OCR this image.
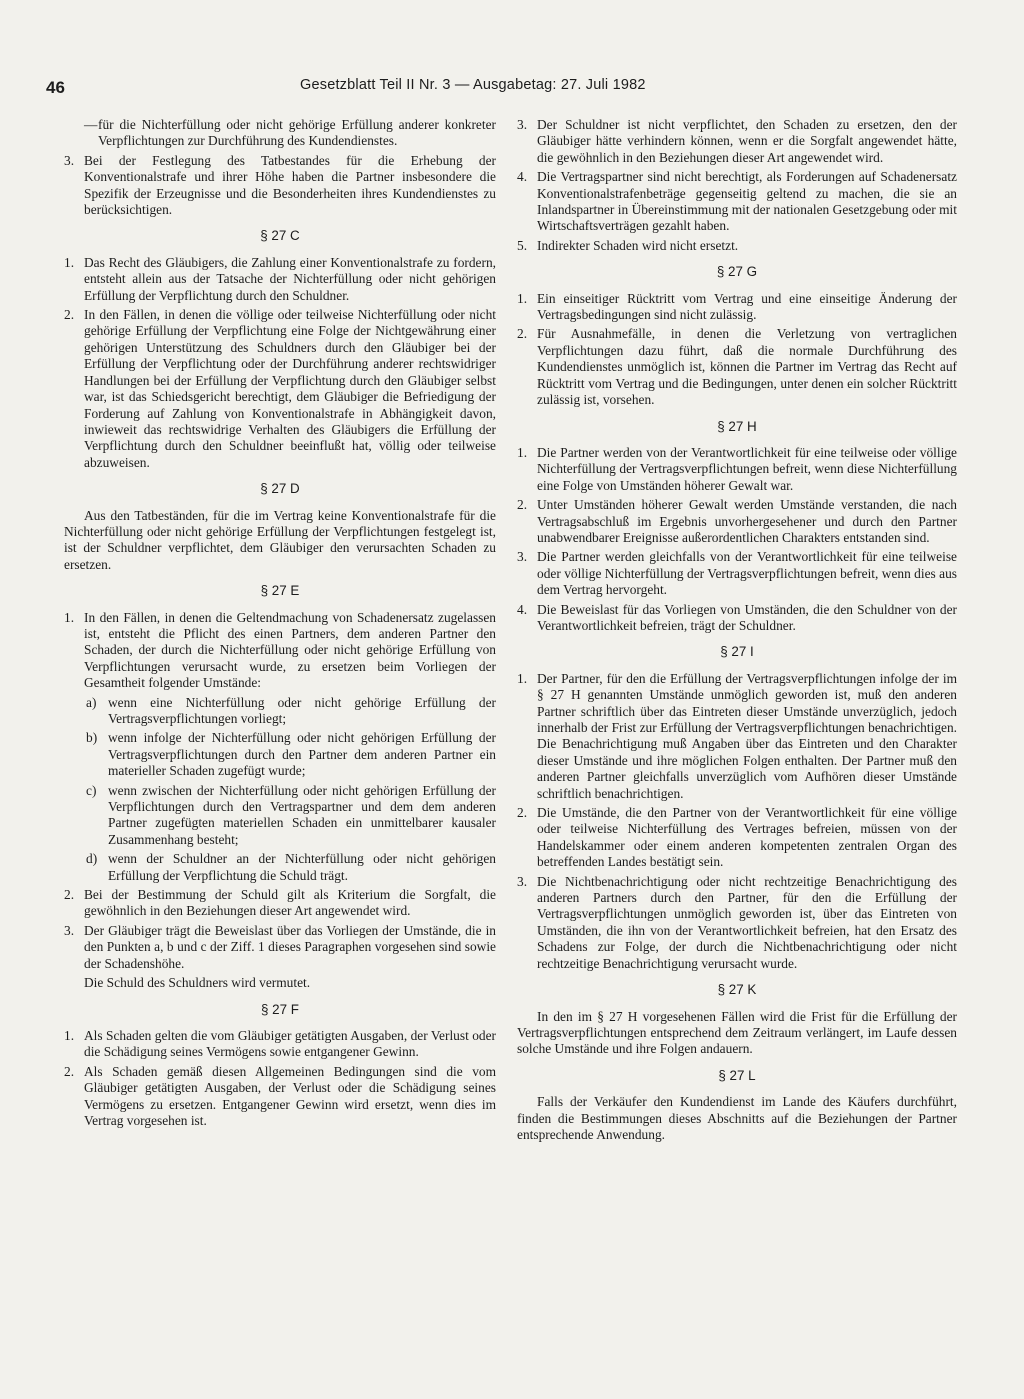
46	Gesetzblatt Teil II Nr. 3 — Ausgabetag: 27. Juli 1982
— für die Nichterfüllung oder nicht gehörige Erfüllung anderer konkreter Verpflichtungen zur Durchführung des Kundendienstes.
3. Bei der Festlegung des Tatbestandes für die Erhebung der Konventionalstrafe und ihrer Höhe haben die Partner insbesondere die Spezifik der Erzeugnisse und die Besonderheiten ihres Kundendienstes zu berücksichtigen.
§ 27 C
1. Das Recht des Gläubigers, die Zahlung einer Konventionalstrafe zu fordern, entsteht allein aus der Tatsache der Nichterfüllung oder nicht gehörigen Erfüllung der Verpflichtung durch den Schuldner.
2. In den Fällen, in denen die völlige oder teilweise Nichterfüllung oder nicht gehörige Erfüllung der Verpflichtung eine Folge der Nichtgewährung einer gehörigen Unterstützung des Schuldners durch den Gläubiger bei der Erfüllung der Verpflichtung oder der Durchführung anderer rechtswidriger Handlungen bei der Erfüllung der Verpflichtung durch den Gläubiger selbst war, ist das Schiedsgericht berechtigt, dem Gläubiger die Befriedigung der Forderung auf Zahlung von Konventionalstrafe in Abhängigkeit davon, inwieweit das rechtswidrige Verhalten des Gläubigers die Erfüllung der Verpflichtung durch den Schuldner beeinflußt hat, völlig oder teilweise abzuweisen.
§ 27 D

Aus den Tatbeständen, für die im Vertrag keine Konventionalstrafe für die Nichterfüllung oder nicht gehörige Erfüllung der Verpflichtungen festgelegt ist, ist der Schuldner verpflichtet, dem Gläubiger den verursachten Schaden zu ersetzen.

§ 27 E
1. In den Fällen, in denen die Geltendmachung von Schadenersatz zugelassen ist, entsteht die Pflicht des einen Partners, dem anderen Partner den Schaden, der durch die Nichterfüllung oder nicht gehörige Erfüllung von Verpflichtungen verursacht wurde, zu ersetzen beim Vorliegen der Gesamtheit folgender Umstände:
a) wenn eine Nichterfüllung oder nicht gehörige Erfüllung der Vertragsverpflichtungen vorliegt;
b) wenn infolge der Nichterfüllung oder nicht gehörigen Erfüllung der Vertragsverpflichtungen durch den Partner dem anderen Partner ein materieller Schaden zugefügt wurde;
c) wenn zwischen der Nichterfüllung oder nicht gehörigen Erfüllung der Verpflichtungen durch den Vertragspartner und dem dem anderen Partner zugefügten materiellen Schaden ein unmittelbarer kausaler Zusammenhang besteht;
d) wenn der Schuldner an der Nichterfüllung oder nicht gehörigen Erfüllung der Verpflichtung die Schuld trägt.
2. Bei der Bestimmung der Schuld gilt als Kriterium die Sorgfalt, die gewöhnlich in den Beziehungen dieser Art angewendet wird.
3. Der Gläubiger trägt die Beweislast über das Vorliegen der Umstände, die in den Punkten a, b und c der Ziff. 1 dieses Paragraphen vorgesehen sind sowie der Schadenshöhe.

Die Schuld des Schuldners wird vermutet.

§ 27 F
1. Als Schaden gelten die vom Gläubiger getätigten Ausgaben, der Verlust oder die Schädigung seines Vermögens sowie entgangener Gewinn.
2. Als Schaden gemäß diesen Allgemeinen Bedingungen sind die vom Gläubiger getätigten Ausgaben, der Verlust oder die Schädigung seines Vermögens zu ersetzen. Entgangener Gewinn wird ersetzt, wenn dies im Vertrag vorgesehen ist.
3. Der Schuldner ist nicht verpflichtet, den Schaden zu ersetzen, den der Gläubiger hätte verhindern können, wenn er die Sorgfalt angewendet hätte, die gewöhnlich in den Beziehungen dieser Art angewendet wird.
4. Die Vertragspartner sind nicht berechtigt, als Forderungen auf Schadenersatz Konventionalstrafenbeträge gegenseitig geltend zu machen, die sie an Inlandspartner in Übereinstimmung mit der nationalen Gesetzgebung oder mit Wirtschaftsverträgen gezahlt haben.
5. Indirekter Schaden wird nicht ersetzt.
§ 27 G
1. Ein einseitiger Rücktritt vom Vertrag und eine einseitige Änderung der Vertragsbedingungen sind nicht zulässig.
2. Für Ausnahmefälle, in denen die Verletzung von vertraglichen Verpflichtungen dazu führt, daß die normale Durchführung des Kundendienstes unmöglich ist, können die Partner im Vertrag das Recht auf Rücktritt vom Vertrag und die Bedingungen, unter denen ein solcher Rücktritt zulässig ist, vorsehen.
§ 27 H
1. Die Partner werden von der Verantwortlichkeit für eine teilweise oder völlige Nichterfüllung der Vertragsverpflichtungen befreit, wenn diese Nichterfüllung eine Folge von Umständen höherer Gewalt war.
2. Unter Umständen höherer Gewalt werden Umstände verstanden, die nach Vertragsabschluß im Ergebnis unvorhergesehener und durch den Partner unabwendbarer Ereignisse außerordentlichen Charakters entstanden sind.
3. Die Partner werden gleichfalls von der Verantwortlichkeit für eine teilweise oder völlige Nichterfüllung der Vertragsverpflichtungen befreit, wenn dies aus dem Vertrag hervorgeht.
4. Die Beweislast für das Vorliegen von Umständen, die den Schuldner von der Verantwortlichkeit befreien, trägt der Schuldner.
§ 27 I
1. Der Partner, für den die Erfüllung der Vertragsverpflichtungen infolge der im § 27 H genannten Umstände unmöglich geworden ist, muß den anderen Partner schriftlich über das Eintreten dieser Umstände unverzüglich, jedoch innerhalb der Frist zur Erfüllung der Vertragsverpflichtungen benachrichtigen. Die Benachrichtigung muß Angaben über das Eintreten und den Charakter dieser Umstände und ihre möglichen Folgen enthalten. Der Partner muß den anderen Partner gleichfalls unverzüglich vom Aufhören dieser Umstände schriftlich benachrichtigen.
2. Die Umstände, die den Partner von der Verantwortlichkeit für eine völlige oder teilweise Nichterfüllung des Vertrages befreien, müssen von der Handelskammer oder einem anderen kompetenten zentralen Organ des betreffenden Landes bestätigt sein.
3. Die Nichtbenachrichtigung oder nicht rechtzeitige Benachrichtigung des anderen Partners durch den Partner, für den die Erfüllung der Vertragsverpflichtungen unmöglich geworden ist, über das Eintreten von Umständen, die ihn von der Verantwortlichkeit befreien, hat den Ersatz des Schadens zur Folge, der durch die Nichtbenachrichtigung oder nicht rechtzeitige Benachrichtigung verursacht wurde.
§ 27 K

In den im § 27 H vorgesehenen Fällen wird die Frist für die Erfüllung der Vertragsverpflichtungen entsprechend dem Zeitraum verlängert, im Laufe dessen solche Umstände und ihre Folgen andauern.

§ 27 L

Falls der Verkäufer den Kundendienst im Lande des Käufers durchführt, finden die Bestimmungen dieses Abschnitts auf die Beziehungen der Partner entsprechende Anwendung.
